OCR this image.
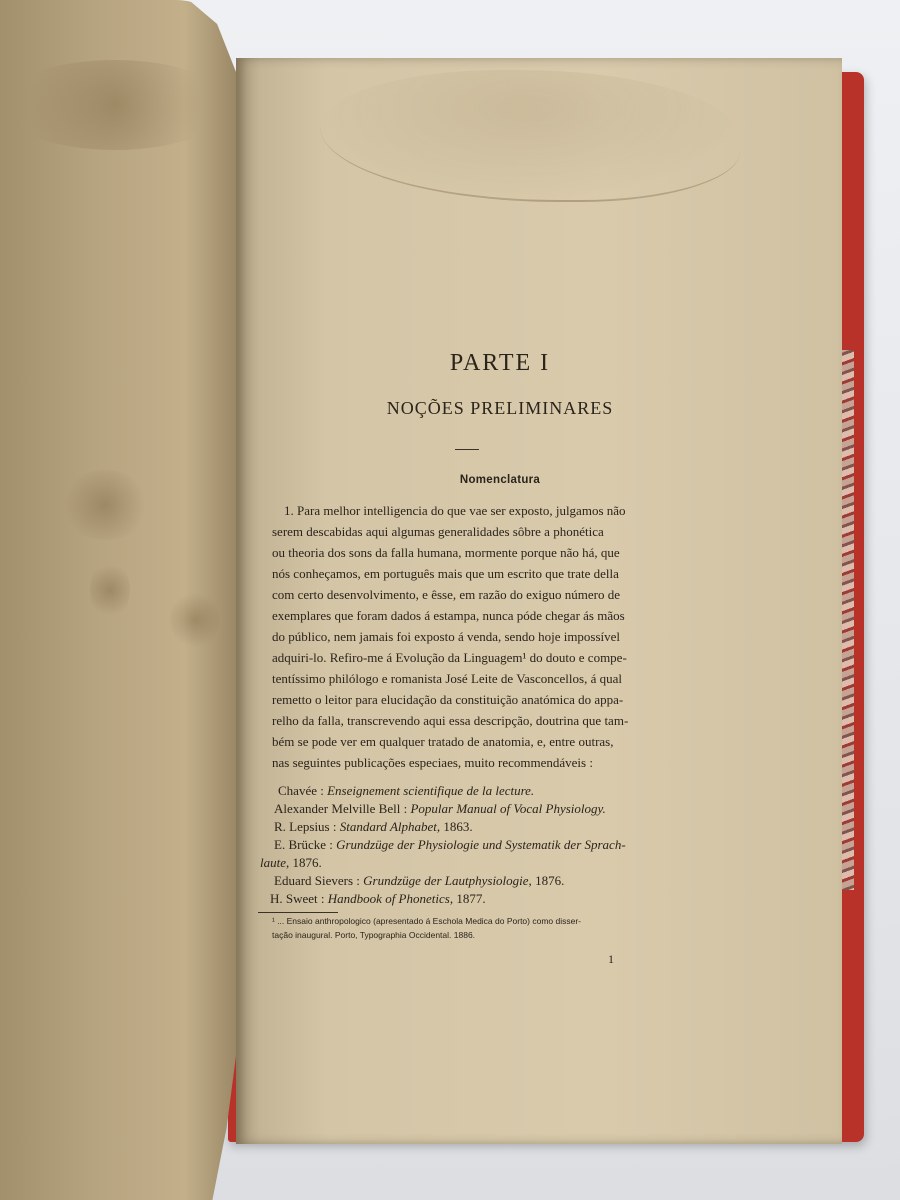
PARTE I
NOÇÕES PRELIMINARES
Nomenclatura
1. Para melhor intelligencia do que vae ser exposto, julgamos não
serem descabidas aqui algumas generalidades sôbre a phonética
ou theoria dos sons da falla humana, mormente porque não há, que
nós conheçamos, em português mais que um escrito que trate della
com certo desenvolvimento, e êsse, em razão do exiguo número de
exemplares que foram dados á estampa, nunca póde chegar ás mãos
do público, nem jamais foi exposto á venda, sendo hoje impossível
adquiri-lo. Refiro-me á Evolução da Linguagem¹ do douto e compe-
tentíssimo philólogo e romanista José Leite de Vasconcellos, á qual
remetto o leitor para elucidação da constituição anatómica do appa-
relho da falla, transcrevendo aqui essa descripção, doutrina que tam-
bém se pode ver em qualquer tratado de anatomia, e, entre outras,
nas seguintes publicações especiaes, muito recommendáveis :
Chavée : Enseignement scientifique de la lecture.
Alexander Melville Bell : Popular Manual of Vocal Physiology.
R. Lepsius : Standard Alphabet, 1863.
E. Brücke : Grundzüge der Physiologie und Systematik der Sprach-
laute, 1876.
Eduard Sievers : Grundzüge der Lautphysiologie, 1876.
H. Sweet : Handbook of Phonetics, 1877.
¹ ... Ensaio anthropologico (apresentado á Eschola Medica do Porto) como disser-
tação inaugural. Porto, Typographia Occidental. 1886.
1
